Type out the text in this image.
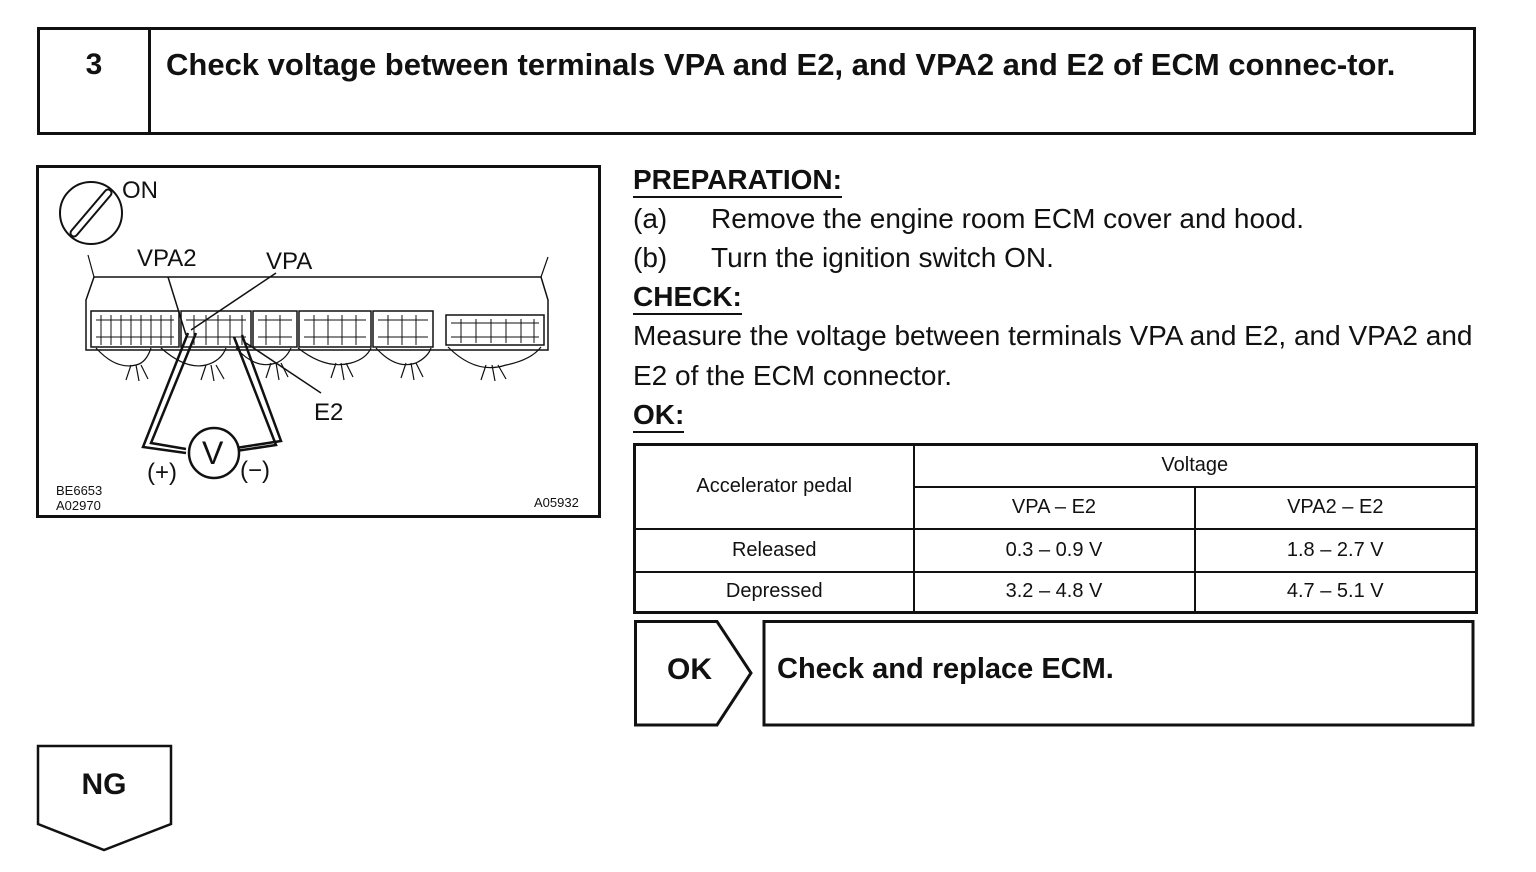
3	Check voltage between terminals VPA and E2, and VPA2 and E2 of ECM connec-tor.
ON
VPA2	VPA
E2
V
(+)	(−)
BE6653
A02970	A05932
PREPARATION:
(a) Remove the engine room ECM cover and hood.
(b) Turn the ignition switch ON.
CHECK:
Measure the voltage between terminals VPA and E2, and VPA2 and E2 of the ECM connector.
OK:
Accelerator pedal	Voltage	
	VPA – E2	VPA2 – E2
Released	0.3 – 0.9 V	1.8 – 2.7 V
Depressed	3.2 – 4.8 V	4.7 – 5.1 V
OK Check and replace ECM.
NG
